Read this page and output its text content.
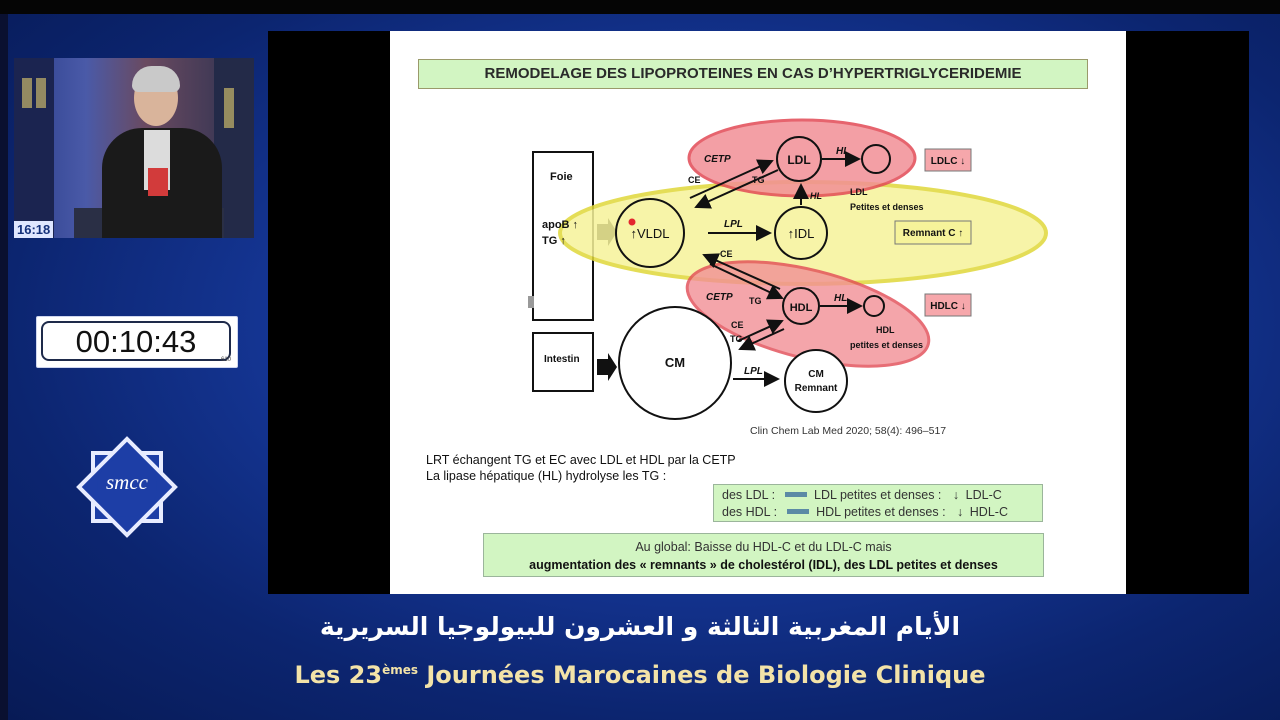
16:18
00:10:43
610
smcc
REMODELAGE DES LIPOPROTEINES EN CAS D’HYPERTRIGLYCERIDEMIE
Foie
apoB ↑
TG ↑
Intestin
↑VLDL	↑IDL
LDL
HDL
CM
CM
Remnant
CETP
CETP
HL
HL
HL
LPL
LPL
CE	TG
CE
TG
CE
TG
LDL
Petites et denses
HDL
petites et denses
LDLC ↓
Remnant C ↑
HDLC ↓
Clin Chem Lab Med 2020; 58(4): 496–517
LRT échangent TG et EC avec LDL et HDL par la CETP
La lipase hépatique (HL) hydrolyse les TG :
des LDL :	LDL petites et denses : ↓ LDL-C
des HDL :	HDL petites et denses : ↓ HDL-C
Au global: Baisse du HDL-C et du LDL-C mais
augmentation des « remnants » de cholestérol (IDL), des LDL petites et denses
الأيام المغربية الثالثة و العشرون للبيولوجيا السريرية
Les 23èmes Journées Marocaines de Biologie Clinique
